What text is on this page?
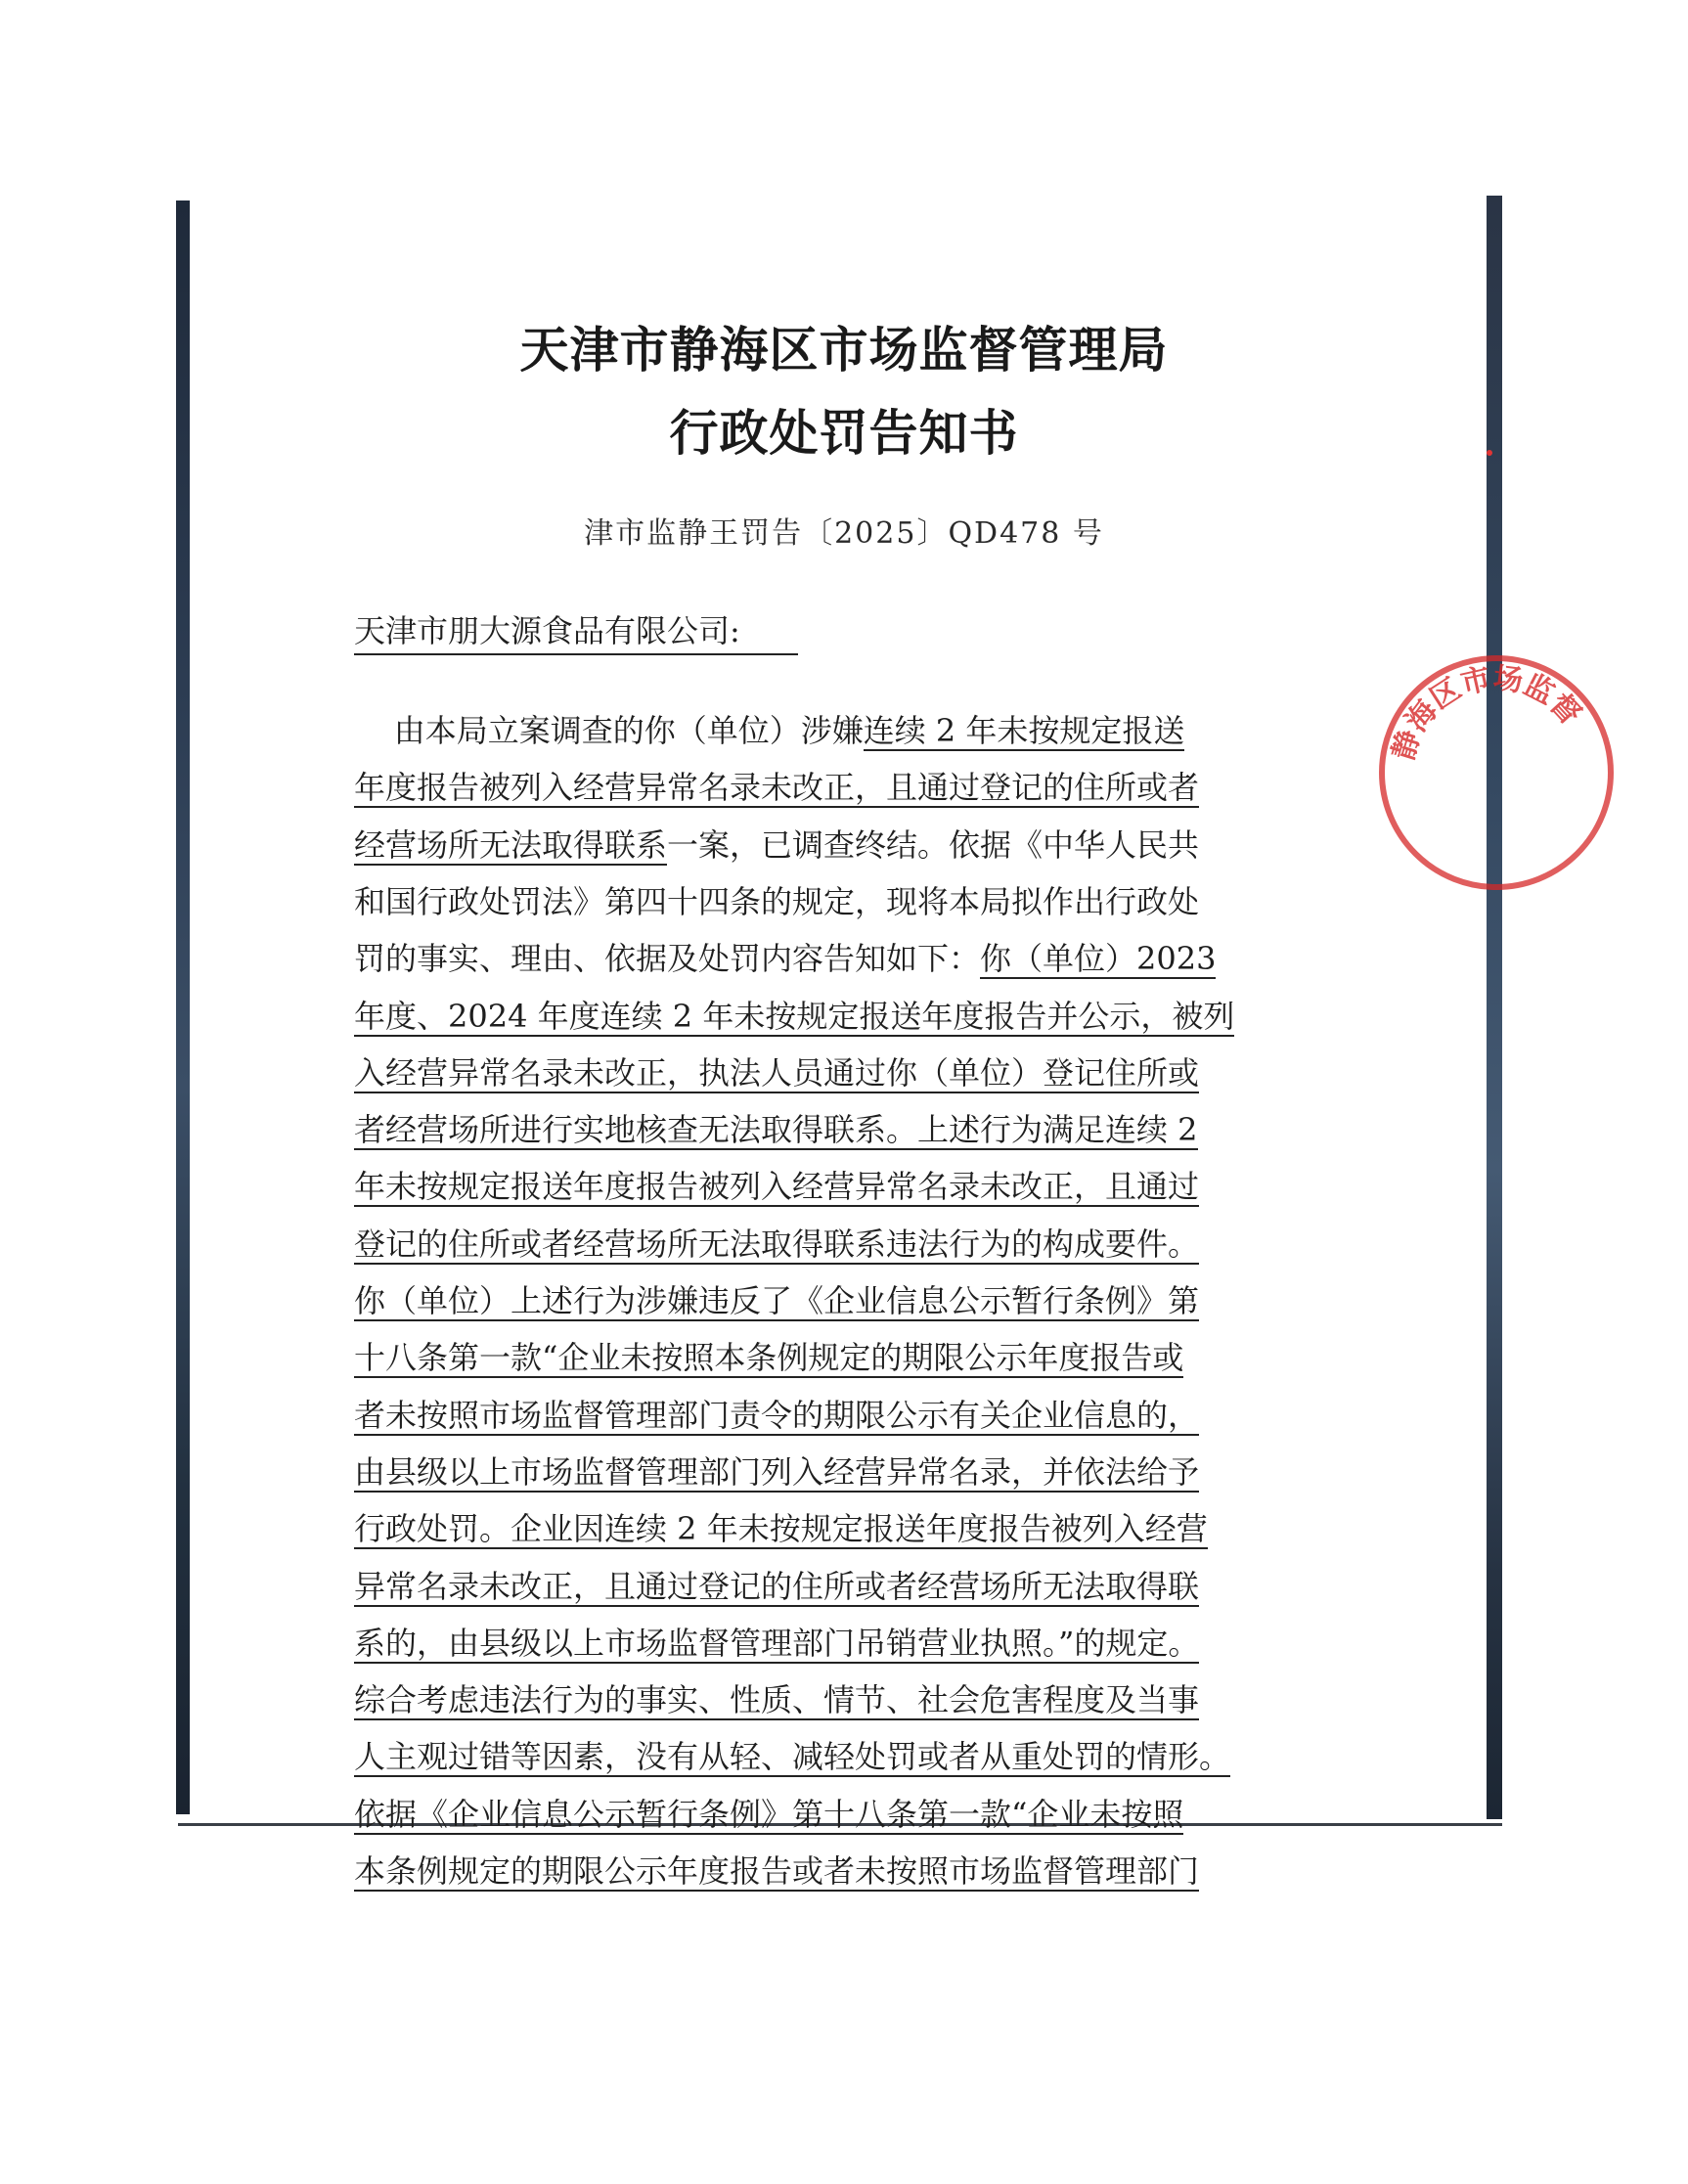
天津市静海区市场监督管理局
行政处罚告知书
津市监静王罚告〔2025〕QD478 号
天津市朋大源食品有限公司:
由本局立案调查的你（单位）涉嫌连续 2 年未按规定报送
年度报告被列入经营异常名录未改正，且通过登记的住所或者
经营场所无法取得联系一案，已调查终结。依据《中华人民共
和国行政处罚法》第四十四条的规定，现将本局拟作出行政处
罚的事实、理由、依据及处罚内容告知如下：你（单位）2023
年度、2024 年度连续 2 年未按规定报送年度报告并公示，被列
入经营异常名录未改正，执法人员通过你（单位）登记住所或
者经营场所进行实地核查无法取得联系。上述行为满足连续 2
年未按规定报送年度报告被列入经营异常名录未改正，且通过
登记的住所或者经营场所无法取得联系违法行为的构成要件。
你（单位）上述行为涉嫌违反了《企业信息公示暂行条例》第
十八条第一款“企业未按照本条例规定的期限公示年度报告或
者未按照市场监督管理部门责令的期限公示有关企业信息的，
由县级以上市场监督管理部门列入经营异常名录，并依法给予
行政处罚。企业因连续 2 年未按规定报送年度报告被列入经营
异常名录未改正，且通过登记的住所或者经营场所无法取得联
系的，由县级以上市场监督管理部门吊销营业执照。”的规定。
综合考虑违法行为的事实、性质、情节、社会危害程度及当事
人主观过错等因素，没有从轻、减轻处罚或者从重处罚的情形。
依据《企业信息公示暂行条例》第十八条第一款“企业未按照
本条例规定的期限公示年度报告或者未按照市场监督管理部门
静海区市场监督
